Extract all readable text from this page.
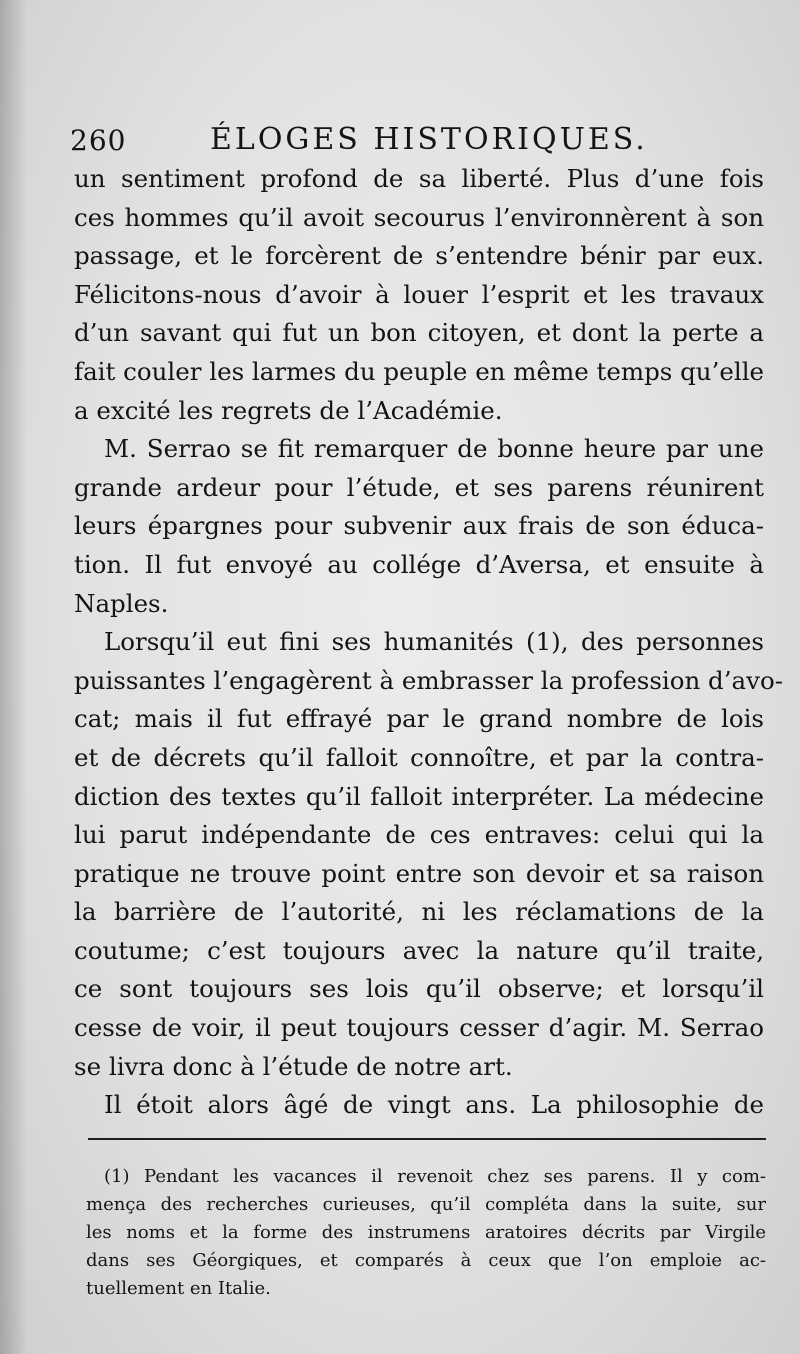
260	ÉLOGES HISTORIQUES.
un sentiment profond de sa liberté. Plus d’une fois
ces hommes qu’il avoit secourus l’environnèrent à son
passage, et le forcèrent de s’entendre bénir par eux.
Félicitons-nous d’avoir à louer l’esprit et les travaux
d’un savant qui fut un bon citoyen, et dont la perte a
fait couler les larmes du peuple en même temps qu’elle
a excité les regrets de l’Académie.
M. Serrao se fit remarquer de bonne heure par une
grande ardeur pour l’étude, et ses parens réunirent
leurs épargnes pour subvenir aux frais de son éduca-
tion. Il fut envoyé au collége d’Aversa, et ensuite à
Naples.
Lorsqu’il eut fini ses humanités (1), des personnes
puissantes l’engagèrent à embrasser la profession d’avo-
cat; mais il fut effrayé par le grand nombre de lois
et de décrets qu’il falloit connoître, et par la contra-
diction des textes qu’il falloit interpréter. La médecine
lui parut indépendante de ces entraves: celui qui la
pratique ne trouve point entre son devoir et sa raison
la barrière de l’autorité, ni les réclamations de la
coutume; c’est toujours avec la nature qu’il traite,
ce sont toujours ses lois qu’il observe; et lorsqu’il
cesse de voir, il peut toujours cesser d’agir. M. Serrao
se livra donc à l’étude de notre art.
Il étoit alors âgé de vingt ans. La philosophie de
(1) Pendant les vacances il revenoit chez ses parens. Il y com-
mença des recherches curieuses, qu’il compléta dans la suite, sur
les noms et la forme des instrumens aratoires décrits par Virgile
dans ses Géorgiques, et comparés à ceux que l’on emploie ac-
tuellement en Italie.
